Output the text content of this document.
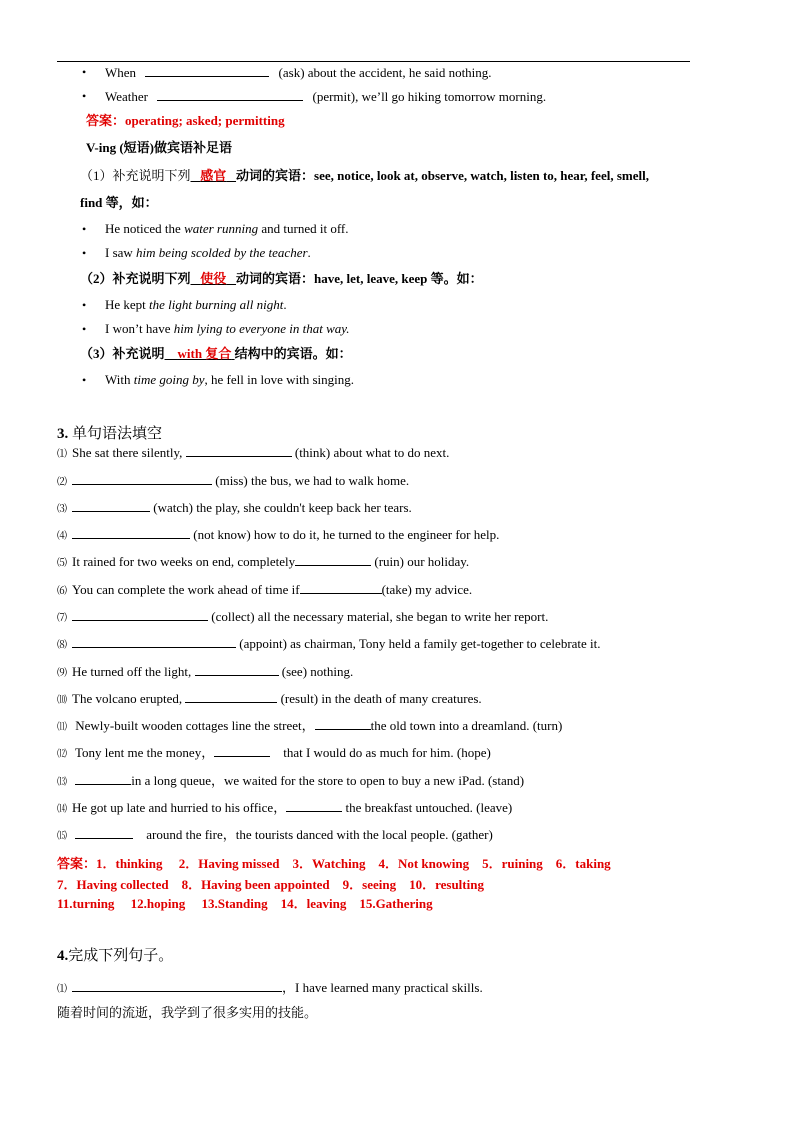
• When	(ask) about the accident, he said nothing.
• Weather	(permit), we’ll go hiking tomorrow morning.
答案：operating; asked; permitting
V-ing (短语)做宾语补足语
（1）补充说明下列 感官 动词的宾语：see, notice, look at, observe, watch, listen to, hear, feel, smell,
find 等，如：
• He noticed the water running and turned it off.
• I saw him being scolded by the teacher.
（2）补充说明下列 使役 动词的宾语：have, let, leave, keep 等。如：
• He kept the light burning all night.
• I won’t have him lying to everyone in that way.
（3）补充说明 with 复合 结构中的宾语。如：
• With time going by, he fell in love with singing.
3. 单句语法填空
⑴ She sat there silently,	(think) about what to do next.
⑵	(miss) the bus, we had to walk home.
⑶	(watch) the play, she couldn't keep back her tears.
⑷	(not know) how to do it, he turned to the engineer for help.
⑸ It rained for two weeks on end, completely	(ruin) our holiday.
⑹ You can complete the work ahead of time if	(take) my advice.
⑺	(collect) all the necessary material, she began to write her report.
⑻	(appoint) as chairman, Tony held a family get‑together to celebrate it.
⑼ He turned off the light,	(see) nothing.
⑽ The volcano erupted,	(result) in the death of many creatures.
⑾ Newly‑built wooden cottages line the street，	the old town into a dreamland. (turn)
⑿ Tony lent me the money，	that I would do as much for him. (hope)
⒀	in a long queue，we waited for the store to open to buy a new iPad. (stand)
⒁ He got up late and hurried to his office，	the breakfast untouched. (leave)
⒂	around the fire，the tourists danced with the local people. (gather)
答案：1．thinking　 2．Having missed　3．Watching　4．Not knowing　5．ruining　6．taking
7．Having collected　8．Having been appointed　9．seeing　10．resulting
11.turning　 12.hoping　 13.Standing　14．leaving　15.Gathering
4.完成下列句子。
⑴	，I have learned many practical skills.
随着时间的流逝，我学到了很多实用的技能。
